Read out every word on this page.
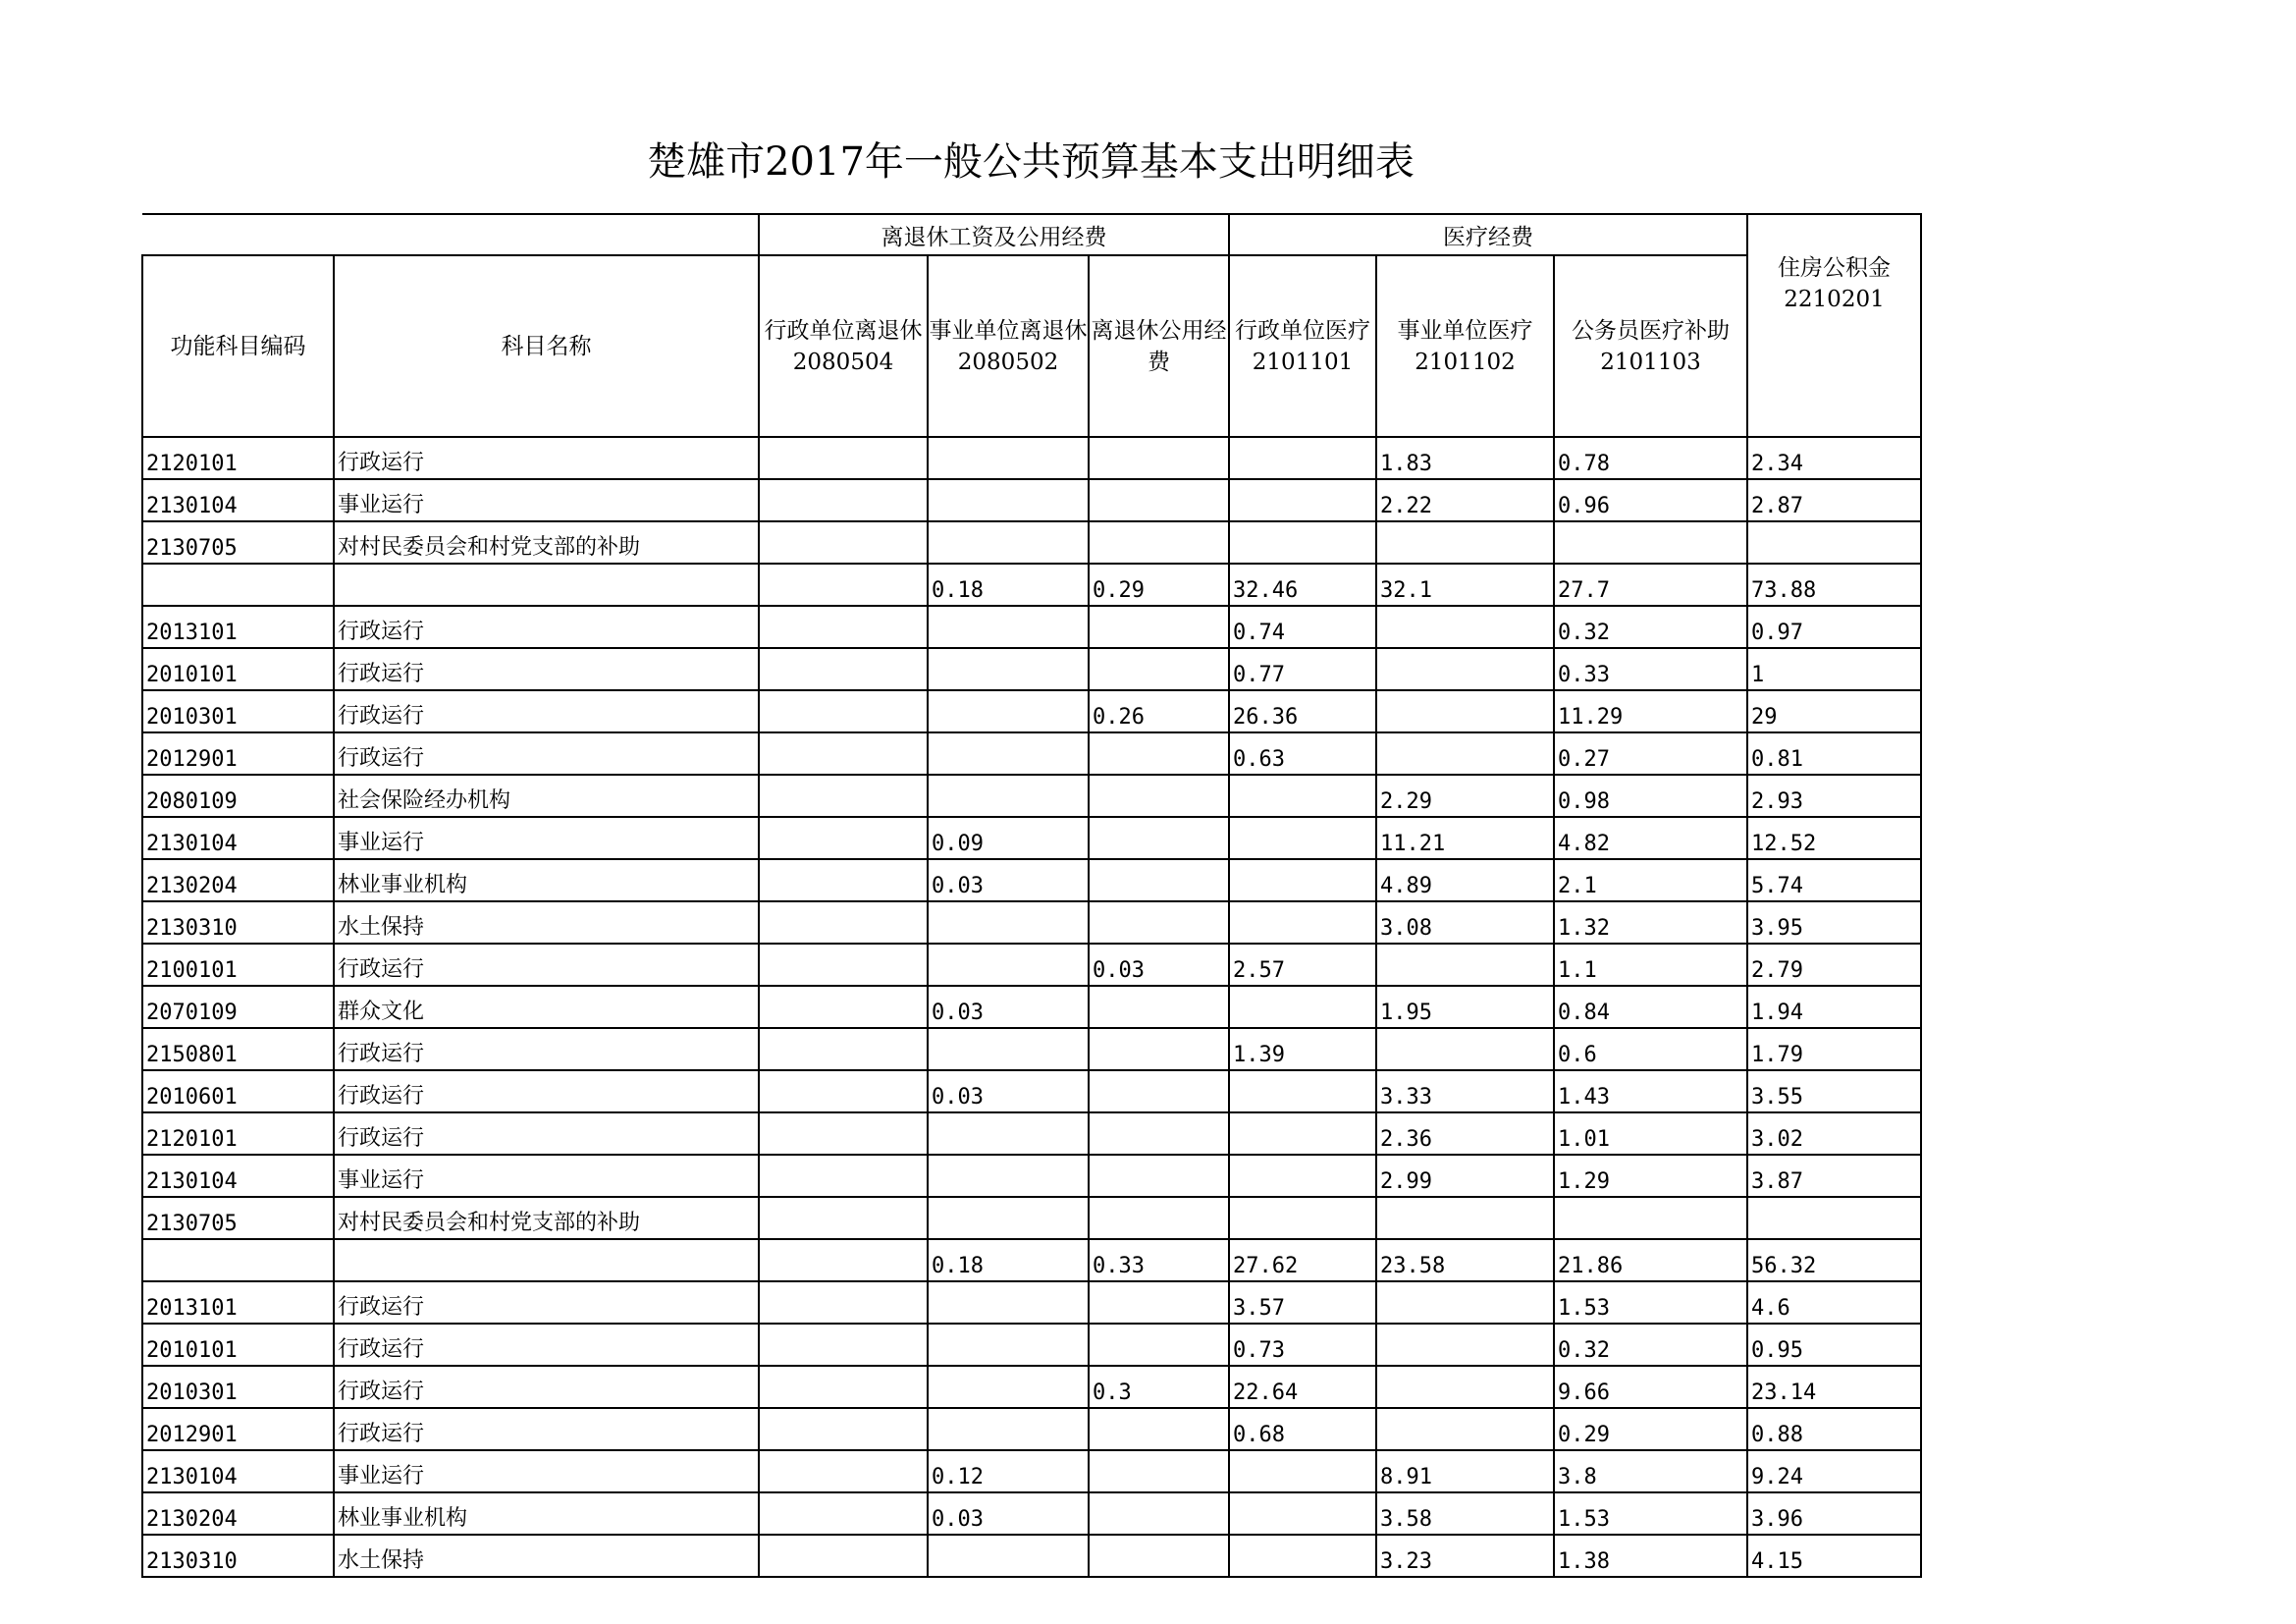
楚雄市2017年一般公共预算基本支出明细表
		离退休工资及公用经费			医疗经费			住房公积金2210201
功能科目编码	科目名称	行政单位离退休2080504	事业单位离退休2080502	离退休公用经费	行政单位医疗2101101	事业单位医疗2101102	公务员医疗补助2101103	
2120101	行政运行					1.83	0.78	2.34
2130104	事业运行					2.22	0.96	2.87
2130705	对村民委员会和村党支部的补助							
			0.18	0.29	32.46	32.1	27.7	73.88
2013101	行政运行				0.74		0.32	0.97
2010101	行政运行				0.77		0.33	1
2010301	行政运行			0.26	26.36		11.29	29
2012901	行政运行				0.63		0.27	0.81
2080109	社会保险经办机构					2.29	0.98	2.93
2130104	事业运行		0.09			11.21	4.82	12.52
2130204	林业事业机构		0.03			4.89	2.1	5.74
2130310	水土保持					3.08	1.32	3.95
2100101	行政运行			0.03	2.57		1.1	2.79
2070109	群众文化		0.03			1.95	0.84	1.94
2150801	行政运行				1.39		0.6	1.79
2010601	行政运行		0.03			3.33	1.43	3.55
2120101	行政运行					2.36	1.01	3.02
2130104	事业运行					2.99	1.29	3.87
2130705	对村民委员会和村党支部的补助							
			0.18	0.33	27.62	23.58	21.86	56.32
2013101	行政运行				3.57		1.53	4.6
2010101	行政运行				0.73		0.32	0.95
2010301	行政运行			0.3	22.64		9.66	23.14
2012901	行政运行				0.68		0.29	0.88
2130104	事业运行		0.12			8.91	3.8	9.24
2130204	林业事业机构		0.03			3.58	1.53	3.96
2130310	水土保持					3.23	1.38	4.15
